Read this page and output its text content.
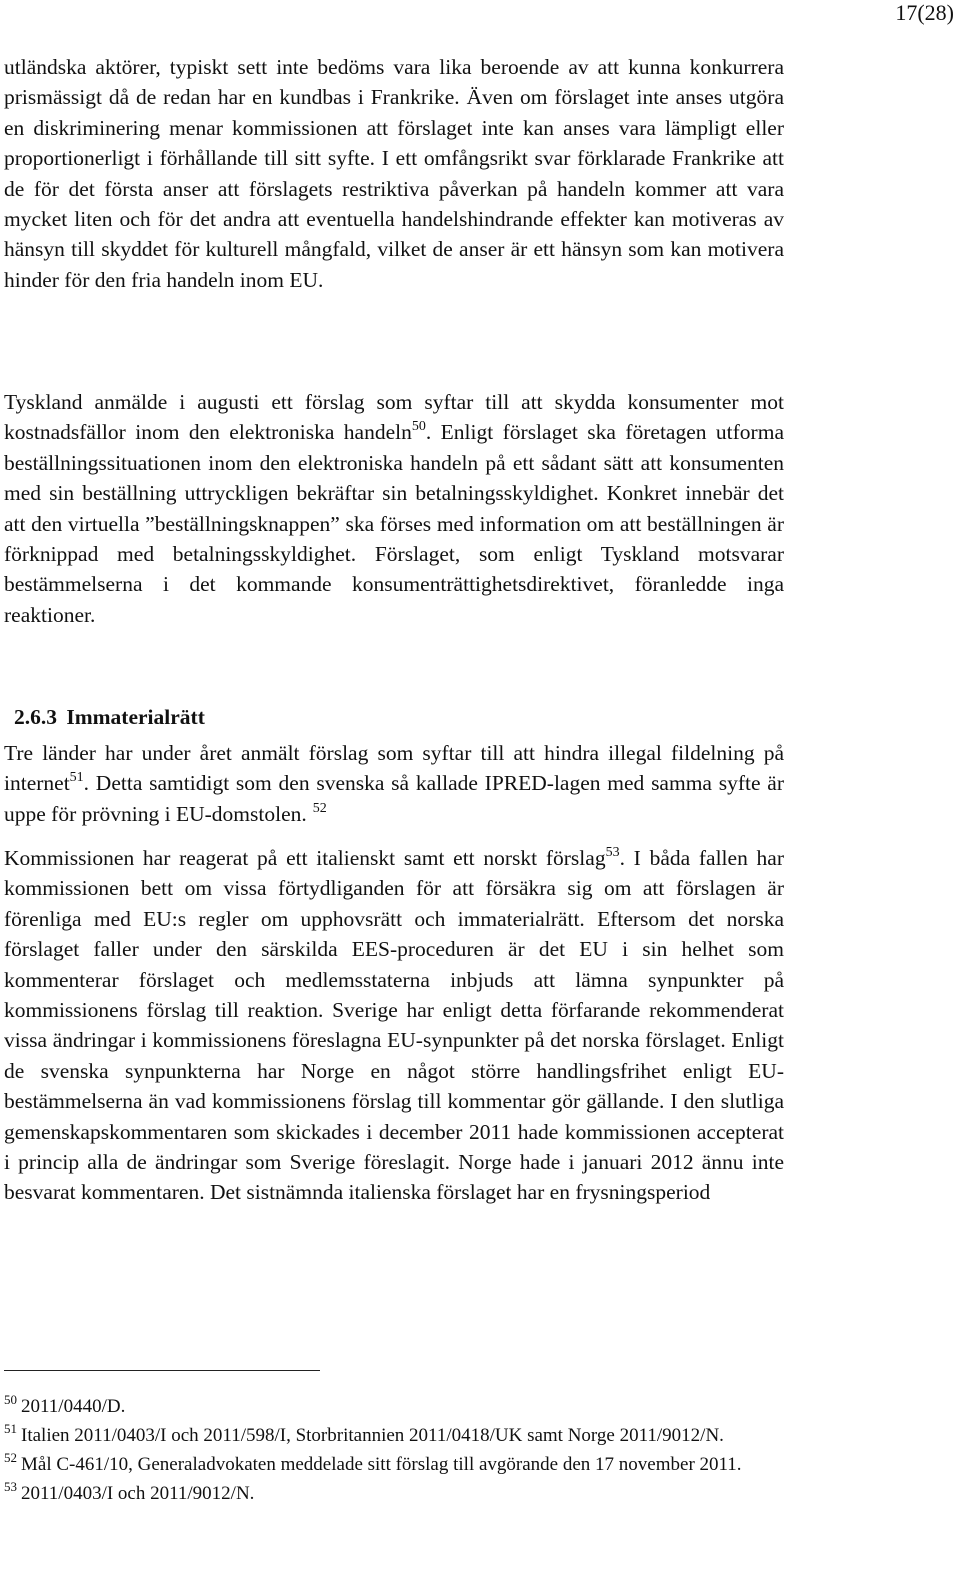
17(28)

utländska aktörer, typiskt sett inte bedöms vara lika beroende av att kunna konkurrera prismässigt då de redan har en kundbas i Frankrike. Även om förslaget inte anses utgöra en diskriminering menar kommissionen att förslaget inte kan anses vara lämpligt eller proportionerligt i förhållande till sitt syfte. I ett omfångsrikt svar förklarade Frankrike att de för det första anser att förslagets restriktiva påverkan på handeln kommer att vara mycket liten och för det andra att eventuella handelshindrande effekter kan motiveras av hänsyn till skyddet för kulturell mångfald, vilket de anser är ett hänsyn som kan motivera hinder för den fria handeln inom EU.

Tyskland anmälde i augusti ett förslag som syftar till att skydda konsumenter mot kostnadsfällor inom den elektroniska handeln$^{50}$. Enligt förslaget ska företagen utforma beställningssituationen inom den elektroniska handeln på ett sådant sätt att konsumenten med sin beställning uttryckligen bekräftar sin betalningsskyldighet. Konkret innebär det att den virtuella ”beställningsknappen” ska förses med information om att beställningen är förknippad med betalningsskyldighet. Förslaget, som enligt Tyskland motsvarar bestämmelserna i det kommande konsumenträttighetsdirektivet, föranledde inga reaktioner.

2.6.3 Immaterialrätt

Tre länder har under året anmält förslag som syftar till att hindra illegal fildelning på internet$^{51}$. Detta samtidigt som den svenska så kallade IPRED-lagen med samma syfte är uppe för prövning i EU-domstolen. $^{52}$

Kommissionen har reagerat på ett italienskt samt ett norskt förslag$^{53}$. I båda fallen har kommissionen bett om vissa förtydliganden för att försäkra sig om att förslagen är förenliga med EU:s regler om upphovsrätt och immaterialrätt. Eftersom det norska förslaget faller under den särskilda EES-proceduren är det EU i sin helhet som kommenterar förslaget och medlemsstaterna inbjuds att lämna synpunkter på kommissionens förslag till reaktion. Sverige har enligt detta förfarande rekommenderat vissa ändringar i kommissionens föreslagna EU-synpunkter på det norska förslaget. Enligt de svenska synpunkterna har Norge en något större handlingsfrihet enligt EU-bestämmelserna än vad kommissionens förslag till kommentar gör gällande. I den slutliga gemenskapskommentaren som skickades i december 2011 hade kommissionen accepterat i princip alla de ändringar som Sverige föreslagit. Norge hade i januari 2012 ännu inte besvarat kommentaren. Det sistnämnda italienska förslaget har en frysningsperiod

$^{50}$ 2011/0440/D.

$^{51}$ Italien 2011/0403/I och 2011/598/I, Storbritannien 2011/0418/UK samt Norge 2011/9012/N.

$^{52}$ Mål C-461/10, Generaladvokaten meddelade sitt förslag till avgörande den 17 november 2011.

$^{53}$ 2011/0403/I och 2011/9012/N.
